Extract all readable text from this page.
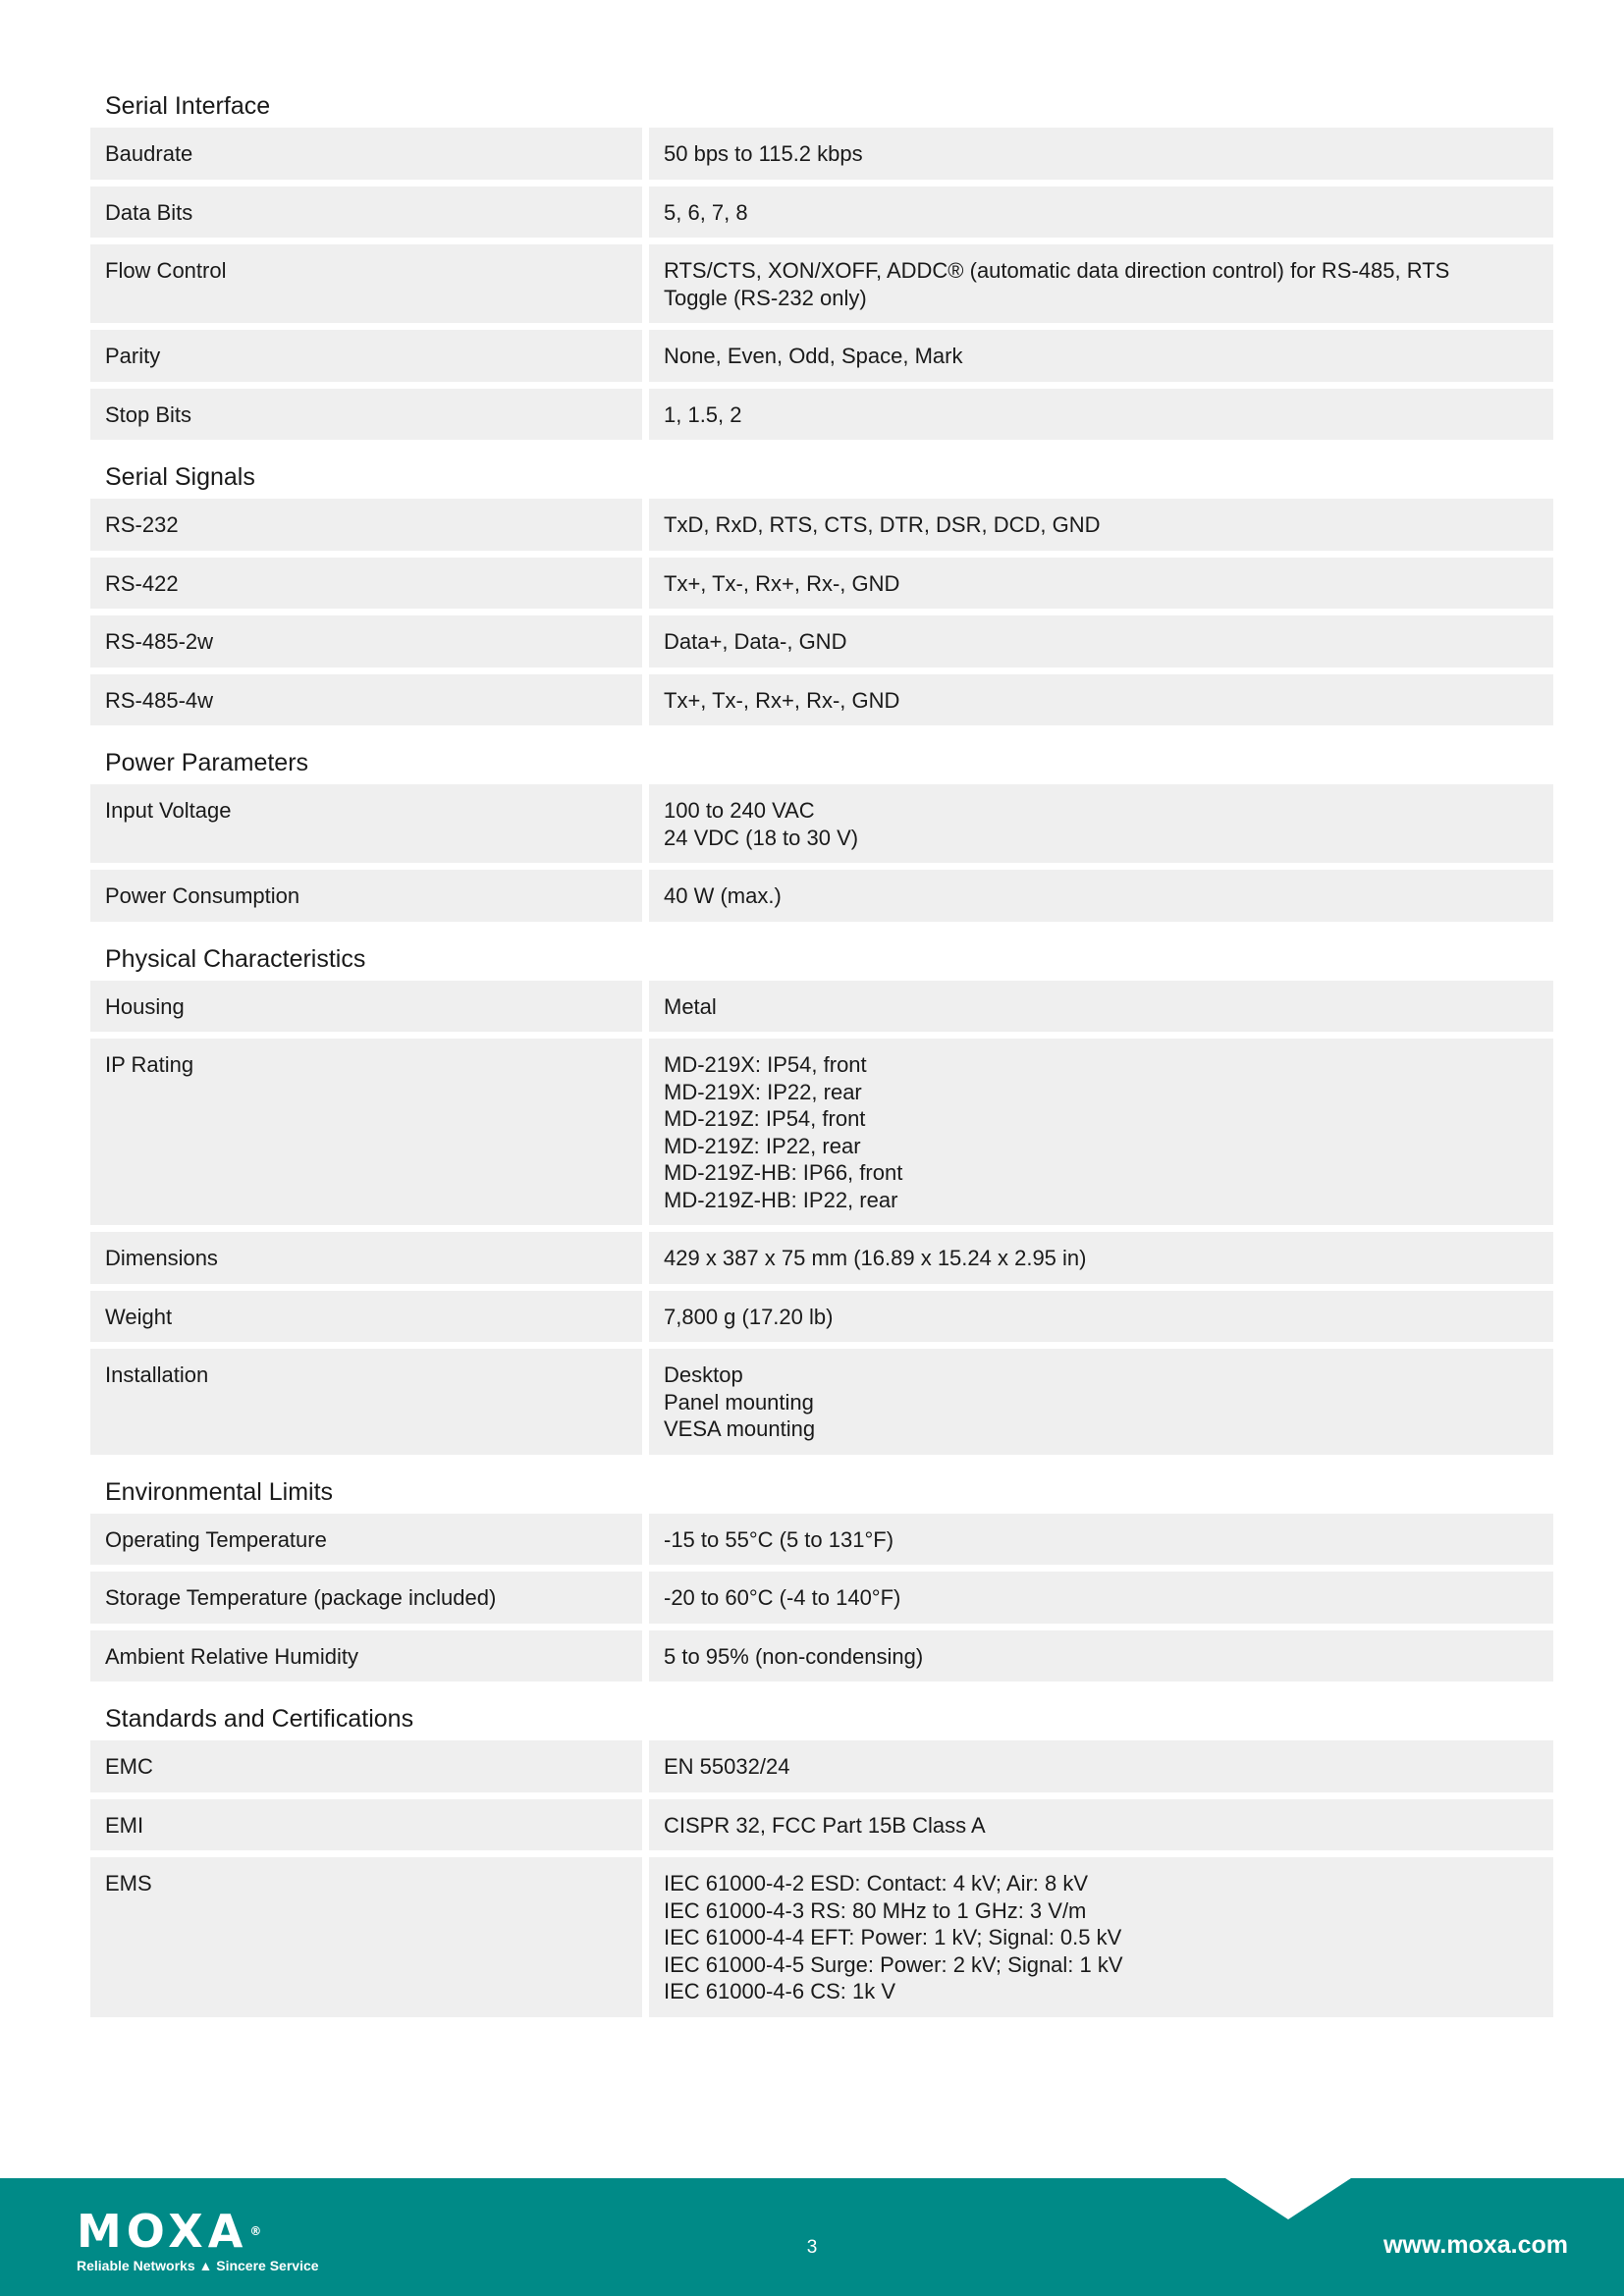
Serial Interface
Baudrate	50 bps to 115.2 kbps
Data Bits	5, 6, 7, 8
Flow Control	RTS/CTS, XON/XOFF, ADDC® (automatic data direction control) for RS-485, RTS
Toggle (RS-232 only)
Parity	None, Even, Odd, Space, Mark
Stop Bits	1, 1.5, 2
Serial Signals
RS-232	TxD, RxD, RTS, CTS, DTR, DSR, DCD, GND
RS-422	Tx+, Tx-, Rx+, Rx-, GND
RS-485-2w	Data+, Data-, GND
RS-485-4w	Tx+, Tx-, Rx+, Rx-, GND
Power Parameters
Input Voltage	100 to 240 VAC
24 VDC (18 to 30 V)
Power Consumption	40 W (max.)
Physical Characteristics
Housing	Metal
IP Rating	MD-219X: IP54, front
MD-219X: IP22, rear
MD-219Z: IP54, front
MD-219Z: IP22, rear
MD-219Z-HB: IP66, front
MD-219Z-HB: IP22, rear
Dimensions	429 x 387 x 75 mm (16.89 x 15.24 x 2.95 in)
Weight	7,800 g (17.20 lb)
Installation	Desktop
Panel mounting
VESA mounting
Environmental Limits
Operating Temperature	-15 to 55°C (5 to 131°F)
Storage Temperature (package included)	-20 to 60°C (-4 to 140°F)
Ambient Relative Humidity	5 to 95% (non-condensing)
Standards and Certifications
EMC	EN 55032/24
EMI	CISPR 32, FCC Part 15B Class A
EMS	IEC 61000-4-2 ESD: Contact: 4 kV; Air: 8 kV
IEC 61000-4-3 RS: 80 MHz to 1 GHz: 3 V/m
IEC 61000-4-4 EFT: Power: 1 kV; Signal: 0.5 kV
IEC 61000-4-5 Surge: Power: 2 kV; Signal: 1 kV
IEC 61000-4-6 CS: 1k V
MOXA ®
Reliable Networks ▲ Sincere Service
3	www.moxa.com
